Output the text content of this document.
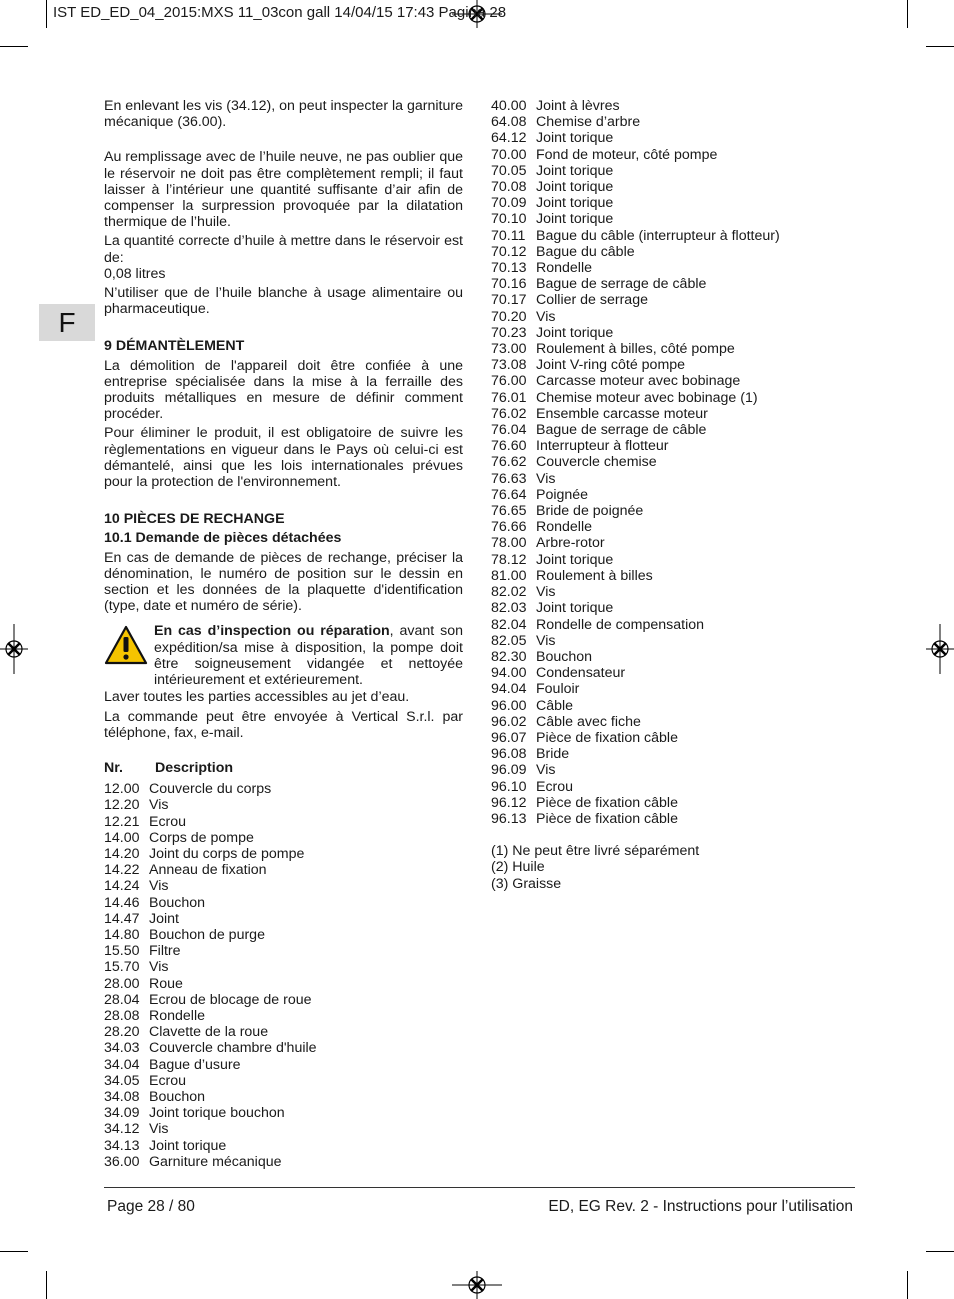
IST ED_ED_04_2015:MXS 11_03con gall 14/04/15 17:43 Pagina 28
F

En enlevant les vis (34.12), on peut inspecter la garniture mécanique (36.00).

Au remplissage avec de l’huile neuve, ne pas oublier que le réservoir ne doit pas être complètement rempli; il faut laisser à l’intérieur une quantité suffisante d’air afin de compenser la surpression provoquée par la dilatation thermique de l’huile.

La quantité correcte d’huile à mettre dans le réservoir est de:

0,08 litres

N’utiliser que de l’huile blanche à usage alimentaire ou pharmaceutique.

9 DÉMANTÈLEMENT

La démolition de l'appareil doit être confiée à une entreprise spécialisée dans la mise à la ferraille des produits métalliques en mesure de définir comment procéder.

Pour éliminer le produit, il est obligatoire de suivre les règlementations en vigueur dans le Pays où celui-ci est démantelé, ainsi que les lois internationales prévues pour la protection de l'environnement.

10 PIÈCES DE RECHANGE

10.1 Demande de pièces détachées

En cas de demande de pièces de rechange, préciser la dénomination, le numéro de position sur le dessin en section et les données de la plaquette d'identification (type, date et numéro de série).

En cas d’inspection ou réparation, avant son expédition/sa mise à disposition, la pompe doit être soigneusement vidangée et nettoyée intérieurement et extérieurement.

Laver toutes les parties accessibles au jet d’eau.

La commande peut être envoyée à Vertical S.r.l. par téléphone, fax, e-mail.

Nr. Description
12.00 Couvercle du corps
12.20 Vis
12.21 Ecrou
14.00 Corps de pompe
14.20 Joint du corps de pompe
14.22 Anneau de fixation
14.24 Vis
14.46 Bouchon
14.47 Joint
14.80 Bouchon de purge
15.50 Filtre
15.70 Vis
28.00 Roue
28.04 Ecrou de blocage de roue
28.08 Rondelle
28.20 Clavette de la roue
34.03 Couvercle chambre d'huile
34.04 Bague d’usure
34.05 Ecrou
34.08 Bouchon
34.09 Joint torique bouchon
34.12 Vis
34.13 Joint torique
36.00 Garniture mécanique
40.00 Joint à lèvres
64.08 Chemise d’arbre
64.12 Joint torique
70.00 Fond de moteur, côté pompe
70.05 Joint torique
70.08 Joint torique
70.09 Joint torique
70.10 Joint torique
70.11 Bague du câble (interrupteur à flotteur)
70.12 Bague du câble
70.13 Rondelle
70.16 Bague de serrage de câble
70.17 Collier de serrage
70.20 Vis
70.23 Joint torique
73.00 Roulement à billes, côté pompe
73.08 Joint V-ring côté pompe
76.00 Carcasse moteur avec bobinage
76.01 Chemise moteur avec bobinage (1)
76.02 Ensemble carcasse moteur
76.04 Bague de serrage de câble
76.60 Interrupteur à flotteur
76.62 Couvercle chemise
76.63 Vis
76.64 Poignée
76.65 Bride de poignée
76.66 Rondelle
78.00 Arbre-rotor
78.12 Joint torique
81.00 Roulement à billes
82.02 Vis
82.03 Joint torique
82.04 Rondelle de compensation
82.05 Vis
82.30 Bouchon
94.00 Condensateur
94.04 Fouloir
96.00 Câble
96.02 Câble avec fiche
96.07 Pièce de fixation câble
96.08 Bride
96.09 Vis
96.10 Ecrou
96.12 Pièce de fixation câble
96.13 Pièce de fixation câble
(1) Ne peut être livré séparément
(2) Huile
(3) Graisse
Page 28 / 80	ED, EG Rev. 2 - Instructions pour l’utilisation
